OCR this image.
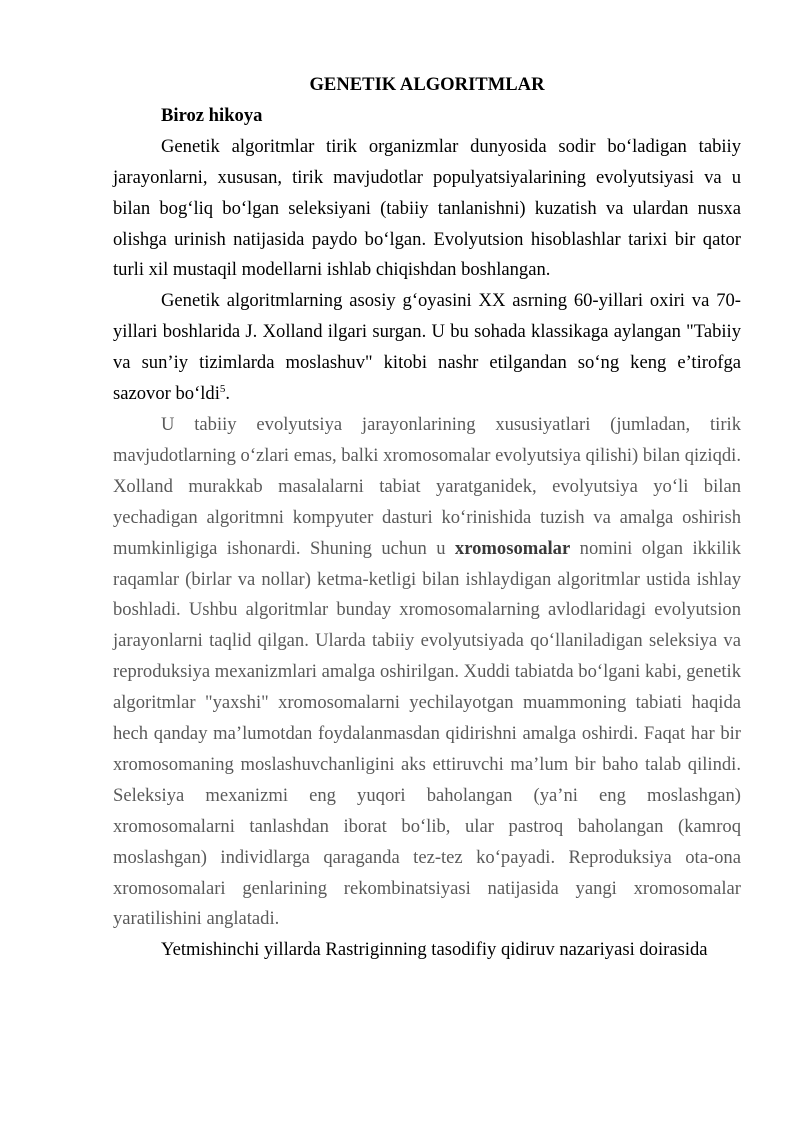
GENETIK ALGORITMLAR
Biroz hikoya

Genetik algoritmlar tirik organizmlar dunyosida sodir bo‘ladigan tabiiy jarayonlarni, xususan, tirik mavjudotlar populyatsiyalarining evolyutsiyasi va u bilan bog‘liq bo‘lgan seleksiyani (tabiiy tanlanishni) kuzatish va ulardan nusxa olishga urinish natijasida paydo bo‘lgan. Evolyutsion hisoblashlar tarixi bir qator turli xil mustaqil modellarni ishlab chiqishdan boshlangan.

Genetik algoritmlarning asosiy g‘oyasini XX asrning 60-yillari oxiri va 70-yillari boshlarida J. Xolland ilgari surgan. U bu sohada klassikaga aylangan "Tabiiy va sun’iy tizimlarda moslashuv" kitobi nashr etilgandan so‘ng keng e’tirofga sazovor bo‘ldi$^5$.

U tabiiy evolyutsiya jarayonlarining xususiyatlari (jumladan, tirik mavjudotlarning o‘zlari emas, balki xromosomalar evolyutsiya qilishi) bilan qiziqdi. Xolland murakkab masalalarni tabiat yaratganidek, evolyutsiya yo‘li bilan yechadigan algoritmni kompyuter dasturi ko‘rinishida tuzish va amalga oshirish mumkinligiga ishonardi. Shuning uchun u xromosomalar nomini olgan ikkilik raqamlar (birlar va nollar) ketma-ketligi bilan ishlaydigan algoritmlar ustida ishlay boshladi. Ushbu algoritmlar bunday xromosomalarning avlodlaridagi evolyutsion jarayonlarni taqlid qilgan. Ularda tabiiy evolyutsiyada qo‘llaniladigan seleksiya va reproduksiya mexanizmlari amalga oshirilgan. Xuddi tabiatda bo‘lgani kabi, genetik algoritmlar "yaxshi" xromosomalarni yechilayotgan muammoning tabiati haqida hech qanday ma’lumotdan foydalanmasdan qidirishni amalga oshirdi. Faqat har bir xromosomaning moslashuvchanligini aks ettiruvchi ma’lum bir baho talab qilindi. Seleksiya mexanizmi eng yuqori baholangan (ya’ni eng moslashgan) xromosomalarni tanlashdan iborat bo‘lib, ular pastroq baholangan (kamroq moslashgan) individlarga qaraganda tez-tez ko‘payadi. Reproduksiya ota-ona xromosomalari genlarining rekombinatsiyasi natijasida yangi xromosomalar yaratilishini anglatadi.

Yetmishinchi yillarda Rastriginning tasodifiy qidiruv nazariyasi doirasida
